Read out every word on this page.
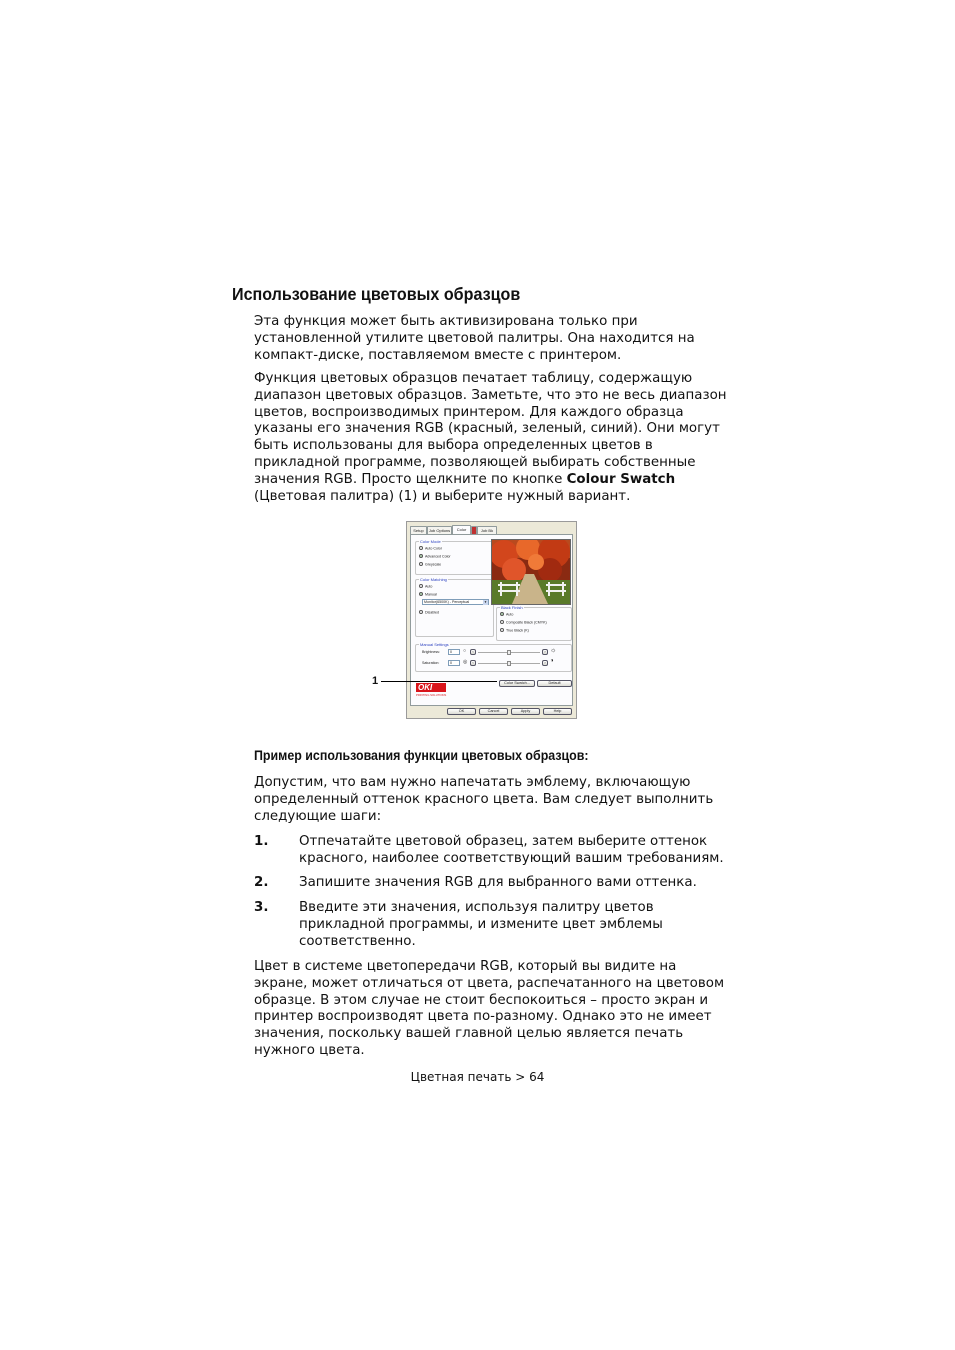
Использование цветовых образцов
Эта функция может быть активизирована только при
установленной утилите цветовой палитры. Она находится на
компакт-диске, поставляемом вместе с принтером.
Функция цветовых образцов печатает таблицу, содержащую
диапазон цветовых образцов. Заметьте, что это не весь диапазон
цветов, воспроизводимых принтером. Для каждого образца
указаны его значения RGB (красный, зеленый, синий). Они могут
быть использованы для выбора определенных цветов в
прикладной программе, позволяющей выбирать собственные
значения RGB. Просто щелкните по кнопке Colour Swatch
(Цветовая палитра) (1) и выберите нужный вариант.
Setup	Job Options	Color	Job Bk
Color Mode
Auto Color
Advanced Color
Greyscale
Color Matching
Auto
Manual
Monitor(6500K) - Perceptual	▼
Disabled
Black Finish
Auto
Composite Black (CMYK)
True Black (K)
Manual Settings
Brightness:	0	○	‹	› ☼
Saturation:	0	◎	‹	› ◑
Color Swatch...	Default
OKI
PRINTING SOLUTIONS
OK	Cancel	Apply	Help
1
Пример использования функции цветовых образцов:
Допустим, что вам нужно напечатать эмблему, включающую
определенный оттенок красного цвета. Вам следует выполнить
следующие шаги:
1. Отпечатайте цветовой образец, затем выберите оттенок
красного, наиболее соответствующий вашим требованиям.
2. Запишите значения RGB для выбранного вами оттенка.
3. Введите эти значения, используя палитру цветов
прикладной программы, и измените цвет эмблемы
соответственно.
Цвет в системе цветопередачи RGB, который вы видите на
экране, может отличаться от цвета, распечатанного на цветовом
образце. В этом случае не стоит беспокоиться – просто экран и
принтер воспроизводят цвета по-разному. Однако это не имеет
значения, поскольку вашей главной целью является печать
нужного цвета.
Цветная печать > 64
